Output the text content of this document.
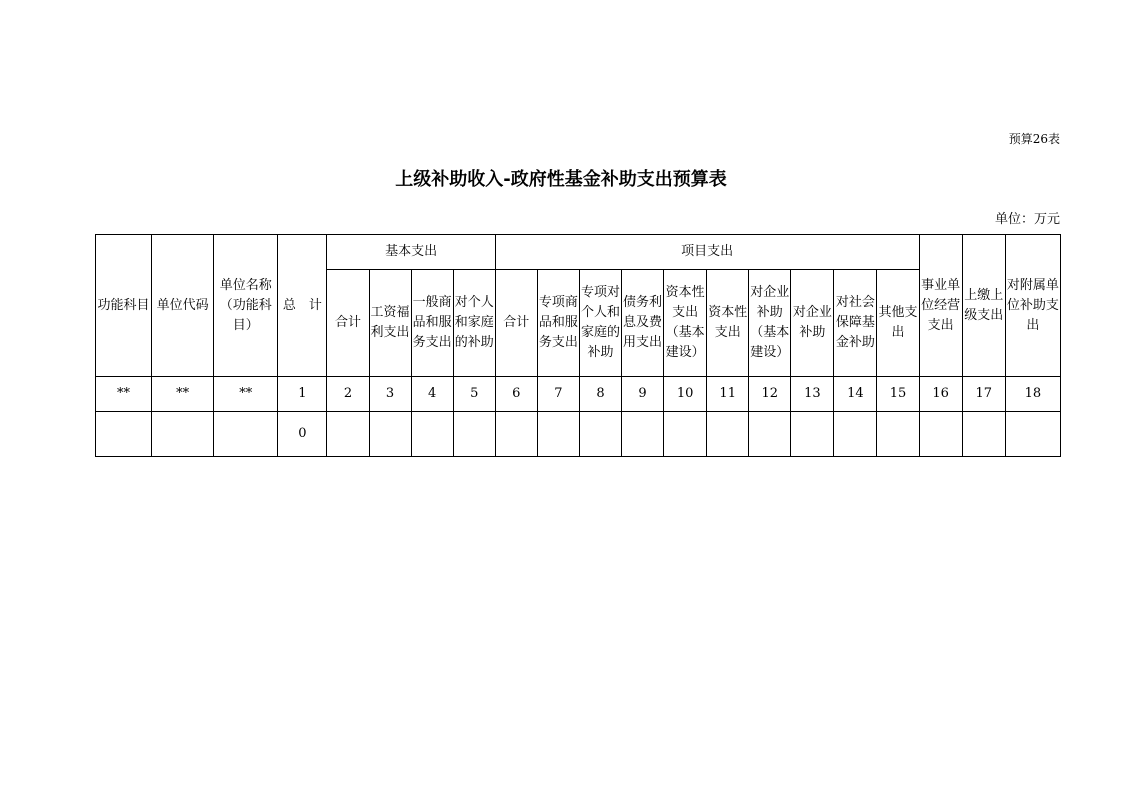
预算26表
上级补助收入-政府性基金补助支出预算表
单位：万元
功能科目	单位代码	单位名称（功能科目）	总　计	基本支出				项目支出										事业单位经营支出	上缴上级支出	对附属单位补助支出
				合计	工资福利支出	一般商品和服务支出	对个人和家庭的补助	合计	专项商品和服务支出	专项对个人和家庭的补助	债务利息及费用支出	资本性支出（基本建设）	资本性支出	对企业补助（基本建设）	对企业补助	对社会保障基金补助	其他支出			
**	**	**	1	2	3	4	5	6	7	8	9	10	11	12	13	14	15	16	17	18
			0																	
